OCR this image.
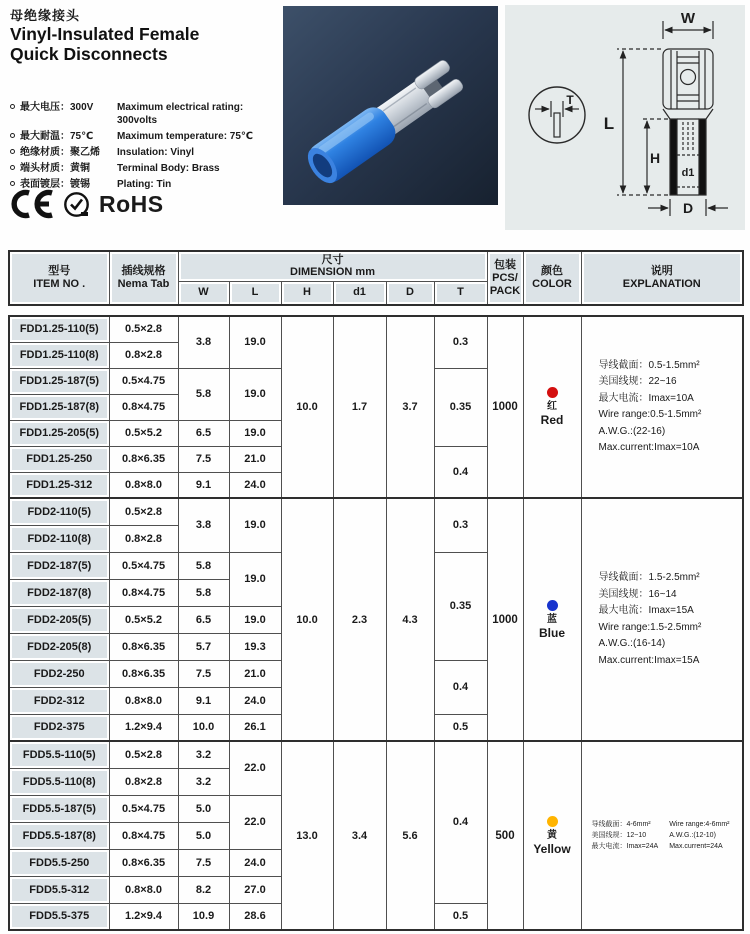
母绝缘接头
Vinyl-Insulated Female
Quick Disconnects
最大电压：300V	Maximum electrical rating: 300volts
最大耐温：75℃	Maximum temperature: 75℃
绝缘材质：聚乙烯	Insulation: Vinyl
端头材质：黄铜	Terminal Body: Brass
表面镀层：镀锡	Plating: Tin
RoHS
W
L
H
d1
D
T
型号
ITEM NO .

插线规格
Nema Tab

尺寸
DIMENSION mm

包装
PCS/
PACK

颜色
COLOR

说明
EXPLANATION

		W	L	H	d1	D	T			
FDD1.25-110(5)	0.5×2.8	3.8	19.0	10.0	1.7	3.7	0.3	1000	红
Red

导线截面：0.5-1.5mm²
美国线规：22~16
最大电流：Imax=10A
Wire range:0.5-1.5mm²
A.W.G.:(22-16)
Max.current:Imax=10A

FDD1.25-110(8)	0.8×2.8									
FDD1.25-187(5)	0.5×4.75	5.8	19.0				0.35			
FDD1.25-187(8)	0.8×4.75									
FDD1.25-205(5)	0.5×5.2	6.5	19.0							
FDD1.25-250	0.8×6.35	7.5	21.0				0.4			
FDD1.25-312	0.8×8.0	9.1	24.0							
FDD2-110(5)	0.5×2.8	3.8	19.0	10.0	2.3	4.3	0.3	1000	蓝
Blue

导线截面：1.5-2.5mm²
美国线规：16~14
最大电流：Imax=15A
Wire range:1.5-2.5mm²
A.W.G.:(16-14)
Max.current:Imax=15A

FDD2-110(8)	0.8×2.8									
FDD2-187(5)	0.5×4.75	5.8	19.0				0.35			
FDD2-187(8)	0.8×4.75	5.8								
FDD2-205(5)	0.5×5.2	6.5	19.0							
FDD2-205(8)	0.8×6.35	5.7	19.3							
FDD2-250	0.8×6.35	7.5	21.0				0.4			
FDD2-312	0.8×8.0	9.1	24.0							
FDD2-375	1.2×9.4	10.0	26.1				0.5			
FDD5.5-110(5)	0.5×2.8	3.2	22.0	13.0	3.4	5.6	0.4	500	黄
Yellow

导线截面：4-6mm²
美国线规：12~10
最大电流：Imax=24A
Wire range:4-6mm²
A.W.G.:(12-10)
Max.current=24A

FDD5.5-110(8)	0.8×2.8	3.2								
FDD5.5-187(5)	0.5×4.75	5.0	22.0							
FDD5.5-187(8)	0.8×4.75	5.0								
FDD5.5-250	0.8×6.35	7.5	24.0							
FDD5.5-312	0.8×8.0	8.2	27.0							
FDD5.5-375	1.2×9.4	10.9	28.6				0.5			
